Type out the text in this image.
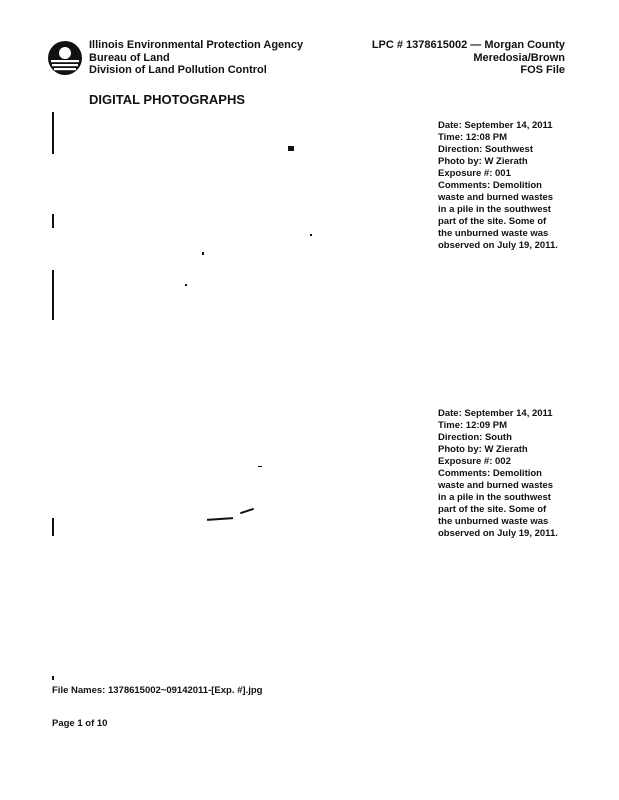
Illinois Environmental Protection Agency
Bureau of Land
Division of Land Pollution Control
LPC # 1378615002 — Morgan County
Meredosia/Brown
FOS File
DIGITAL PHOTOGRAPHS
Date: September 14, 2011
Time: 12:08 PM
Direction: Southwest
Photo by: W Zierath
Exposure #: 001
Comments: Demolition waste and burned wastes in a pile in the southwest part of the site. Some of the unburned waste was observed on July 19, 2011.
Date: September 14, 2011
Time: 12:09 PM
Direction: South
Photo by: W Zierath
Exposure #: 002
Comments: Demolition waste and burned wastes in a pile in the southwest part of the site. Some of the unburned waste was observed on July 19, 2011.
File Names: 1378615002~09142011-[Exp. #].jpg
Page 1 of 10
